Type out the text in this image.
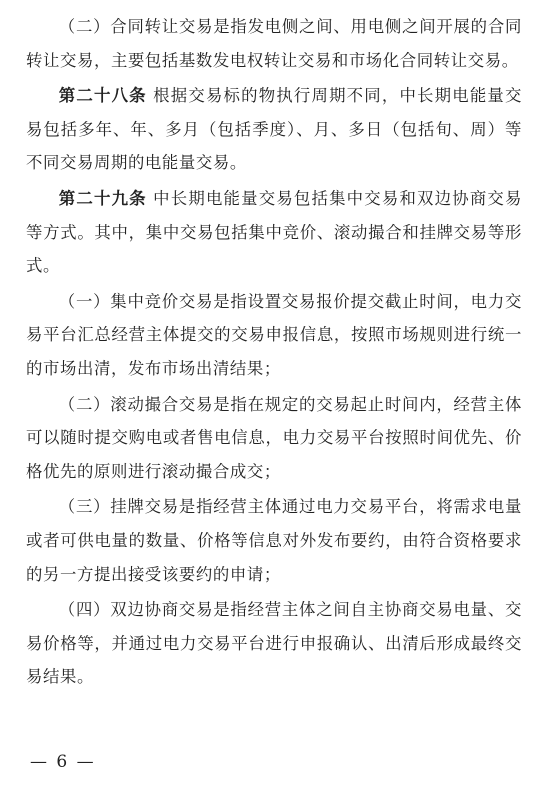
（二）合同转让交易是指发电侧之间、用电侧之间开展的合同转让交易，主要包括基数发电权转让交易和市场化合同转让交易。

第二十八条 根据交易标的物执行周期不同，中长期电能量交易包括多年、年、多月（包括季度）、月、多日（包括旬、周）等不同交易周期的电能量交易。

第二十九条 中长期电能量交易包括集中交易和双边协商交易等方式。其中，集中交易包括集中竞价、滚动撮合和挂牌交易等形式。

（一）集中竞价交易是指设置交易报价提交截止时间，电力交易平台汇总经营主体提交的交易申报信息，按照市场规则进行统一的市场出清，发布市场出清结果；

（二）滚动撮合交易是指在规定的交易起止时间内，经营主体可以随时提交购电或者售电信息，电力交易平台按照时间优先、价格优先的原则进行滚动撮合成交；

（三）挂牌交易是指经营主体通过电力交易平台，将需求电量或者可供电量的数量、价格等信息对外发布要约，由符合资格要求的另一方提出接受该要约的申请；

（四）双边协商交易是指经营主体之间自主协商交易电量、交易价格等，并通过电力交易平台进行申报确认、出清后形成最终交易结果。

— 6 —
